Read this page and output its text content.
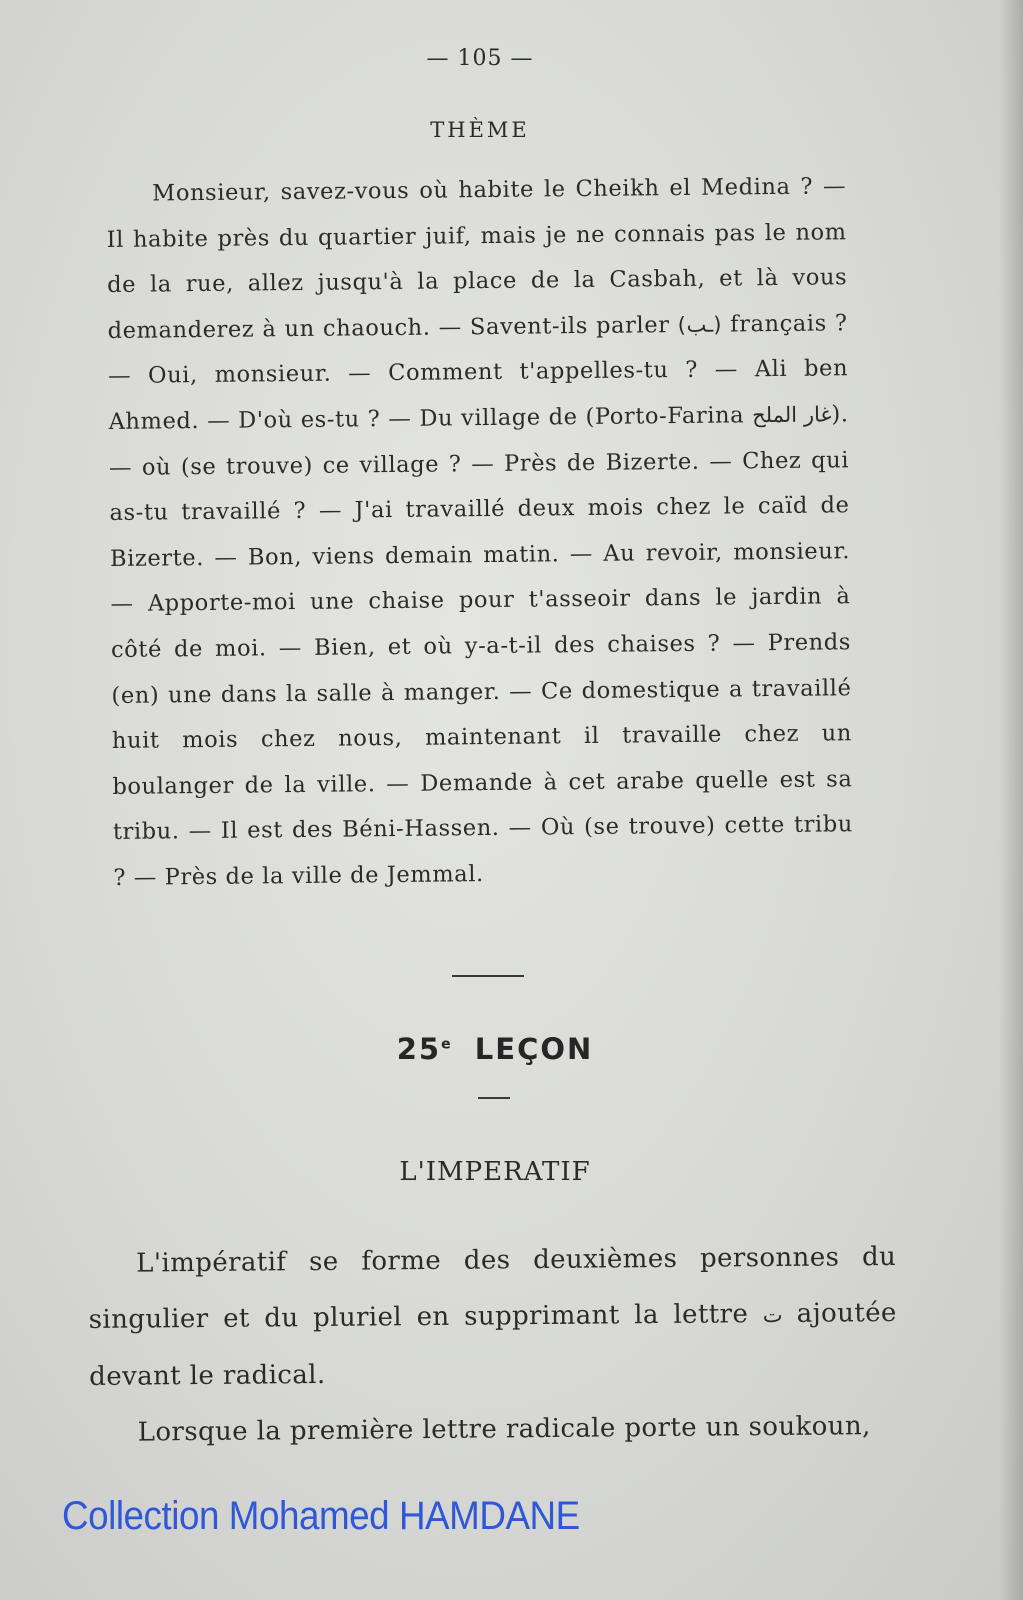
— 105 —
THÈME
Monsieur, savez-vous où habite le Cheikh el Medina ? — Il habite près du quartier juif, mais je ne connais pas le nom de la rue, allez jusqu'à la place de la Casbah, et là vous demanderez à un chaouch. — Savent-ils parler (ـب) français ? — Oui, monsieur. — Comment t'appelles-tu ? — Ali ben Ahmed. — D'où es-tu ? — Du village de (Porto-Farina غار الملح). — où (se trouve) ce village ? — Près de Bizerte. — Chez qui as-tu travaillé ? — J'ai travaillé deux mois chez le caïd de Bizerte. — Bon, viens demain matin. — Au revoir, monsieur. — Apporte-moi une chaise pour t'asseoir dans le jardin à côté de moi. — Bien, et où y-a-t-il des chaises ? — Prends (en) une dans la salle à manger. — Ce domestique a travaillé huit mois chez nous, maintenant il travaille chez un boulanger de la ville. — Demande à cet arabe quelle est sa tribu. — Il est des Béni-Hassen. — Où (se trouve) cette tribu ? — Près de la ville de Jemmal.
25e LEÇON
L'IMPERATIF

L'impératif se forme des deuxièmes personnes du singulier et du pluriel en supprimant la lettre ت ajoutée devant le radical.

Lorsque la première lettre radicale porte un soukoun,

Collection Mohamed HAMDANE
